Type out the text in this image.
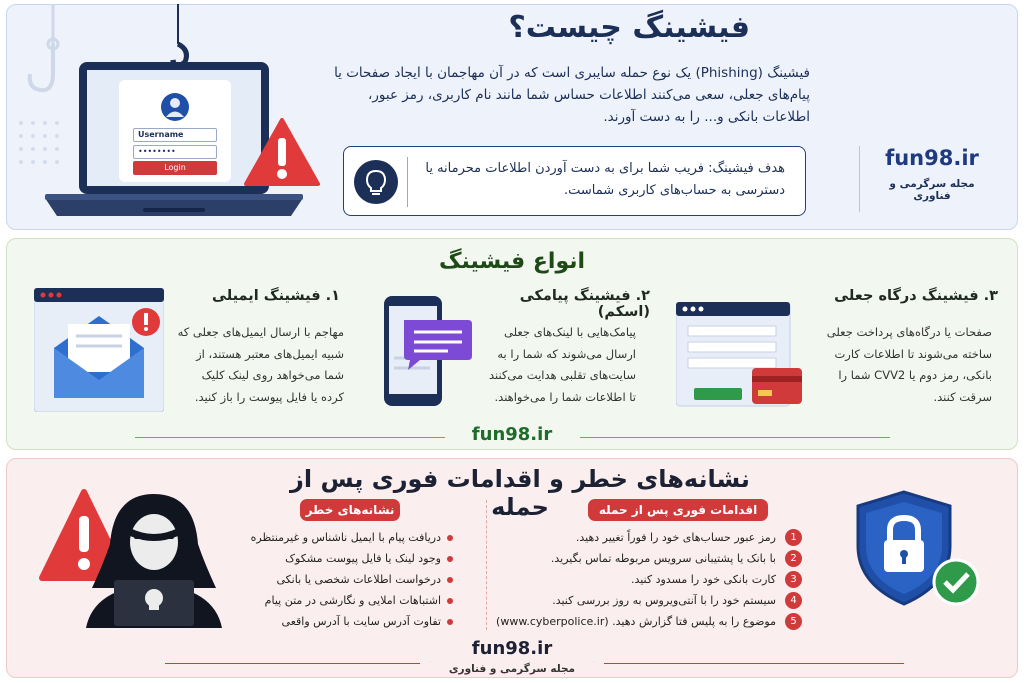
Username
••••••••
Login
فیشینگ چیست؟
فیشینگ (Phishing) یک نوع حمله سایبری است که در آن مهاجمان با ایجاد صفحات یا پیام‌های جعلی، سعی می‌کنند اطلاعات حساس شما مانند نام کاربری، رمز عبور، اطلاعات بانکی و... را به دست آورند.
هدف فیشینگ: فریب شما برای به دست آوردن اطلاعات محرمانه یا دسترسی به حساب‌های کاربری شماست.
fun98.ir
مجله سرگرمی و فناوری
انواع فیشینگ
۱. فیشینگ ایمیلی
مهاجم با ارسال ایمیل‌های جعلی که شبیه ایمیل‌های معتبر هستند، از شما می‌خواهد روی لینک کلیک کرده یا فایل پیوست را باز کنید.
۲. فیشینگ پیامکی (اسکم)
پیامک‌هایی با لینک‌های جعلی ارسال می‌شوند که شما را به سایت‌های تقلبی هدایت می‌کنند تا اطلاعات شما را می‌خواهند.
۳. فیشینگ درگاه جعلی
صفحات یا درگاه‌های پرداخت جعلی ساخته می‌شوند تا اطلاعات کارت بانکی، رمز دوم یا CVV2 شما را سرقت کنند.
fun98.ir
نشانه‌های خطر و اقدامات فوری پس از حمله
نشانه‌های خطر
دریافت پیام با ایمیل ناشناس و غیرمنتظره
وجود لینک یا فایل پیوست مشکوک
درخواست اطلاعات شخصی یا بانکی
اشتباهات املایی و نگارشی در متن پیام
تفاوت آدرس سایت با آدرس واقعی
اقدامات فوری پس از حمله
1
رمز عبور حساب‌های خود را فوراً تغییر دهید.
2
با بانک یا پشتیبانی سرویس مربوطه تماس بگیرید.
3
کارت بانکی خود را مسدود کنید.
4
سیستم خود را با آنتی‌ویروس به روز بررسی کنید.
5
موضوع را به پلیس فتا گزارش دهید. (www.cyberpolice.ir)
fun98.ir
مجله سرگرمی و فناوری
